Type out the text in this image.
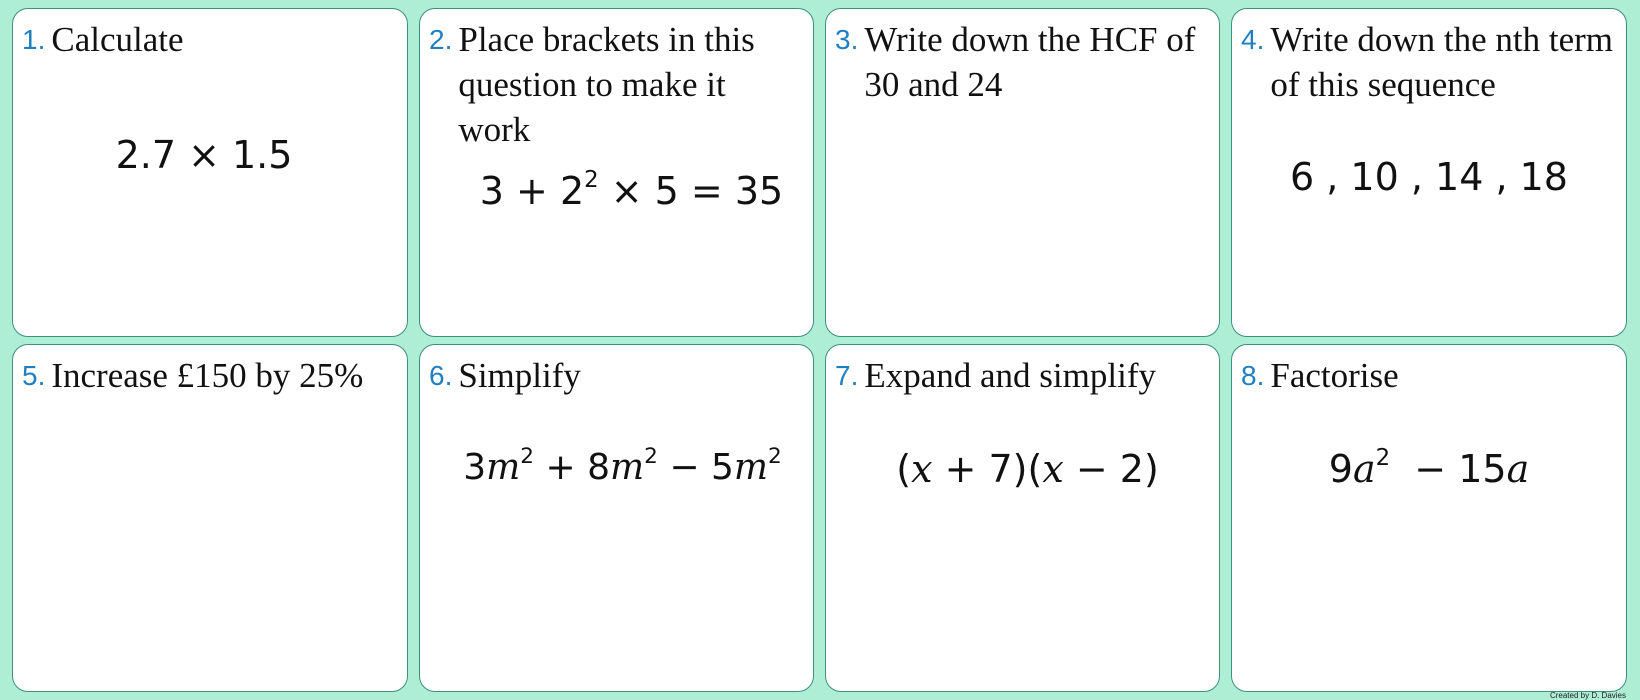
1. Calculate
2.7 × 1.5
2. Place brackets in this question to make it work
$3 + 2^2 \times 5 = 35$
3. Write down the HCF of 30 and 24
4. Write down the nth term of this sequence
6 , 10 , 14 , 18
5. Increase £150 by 25%	6. Simplify
$3m^2 + 8m^2 - 5m^2$
7. Expand and simplify
(x + 7)(x − 2)
8. Factorise
$9a^2 - 15a$
Created by D. Davies
